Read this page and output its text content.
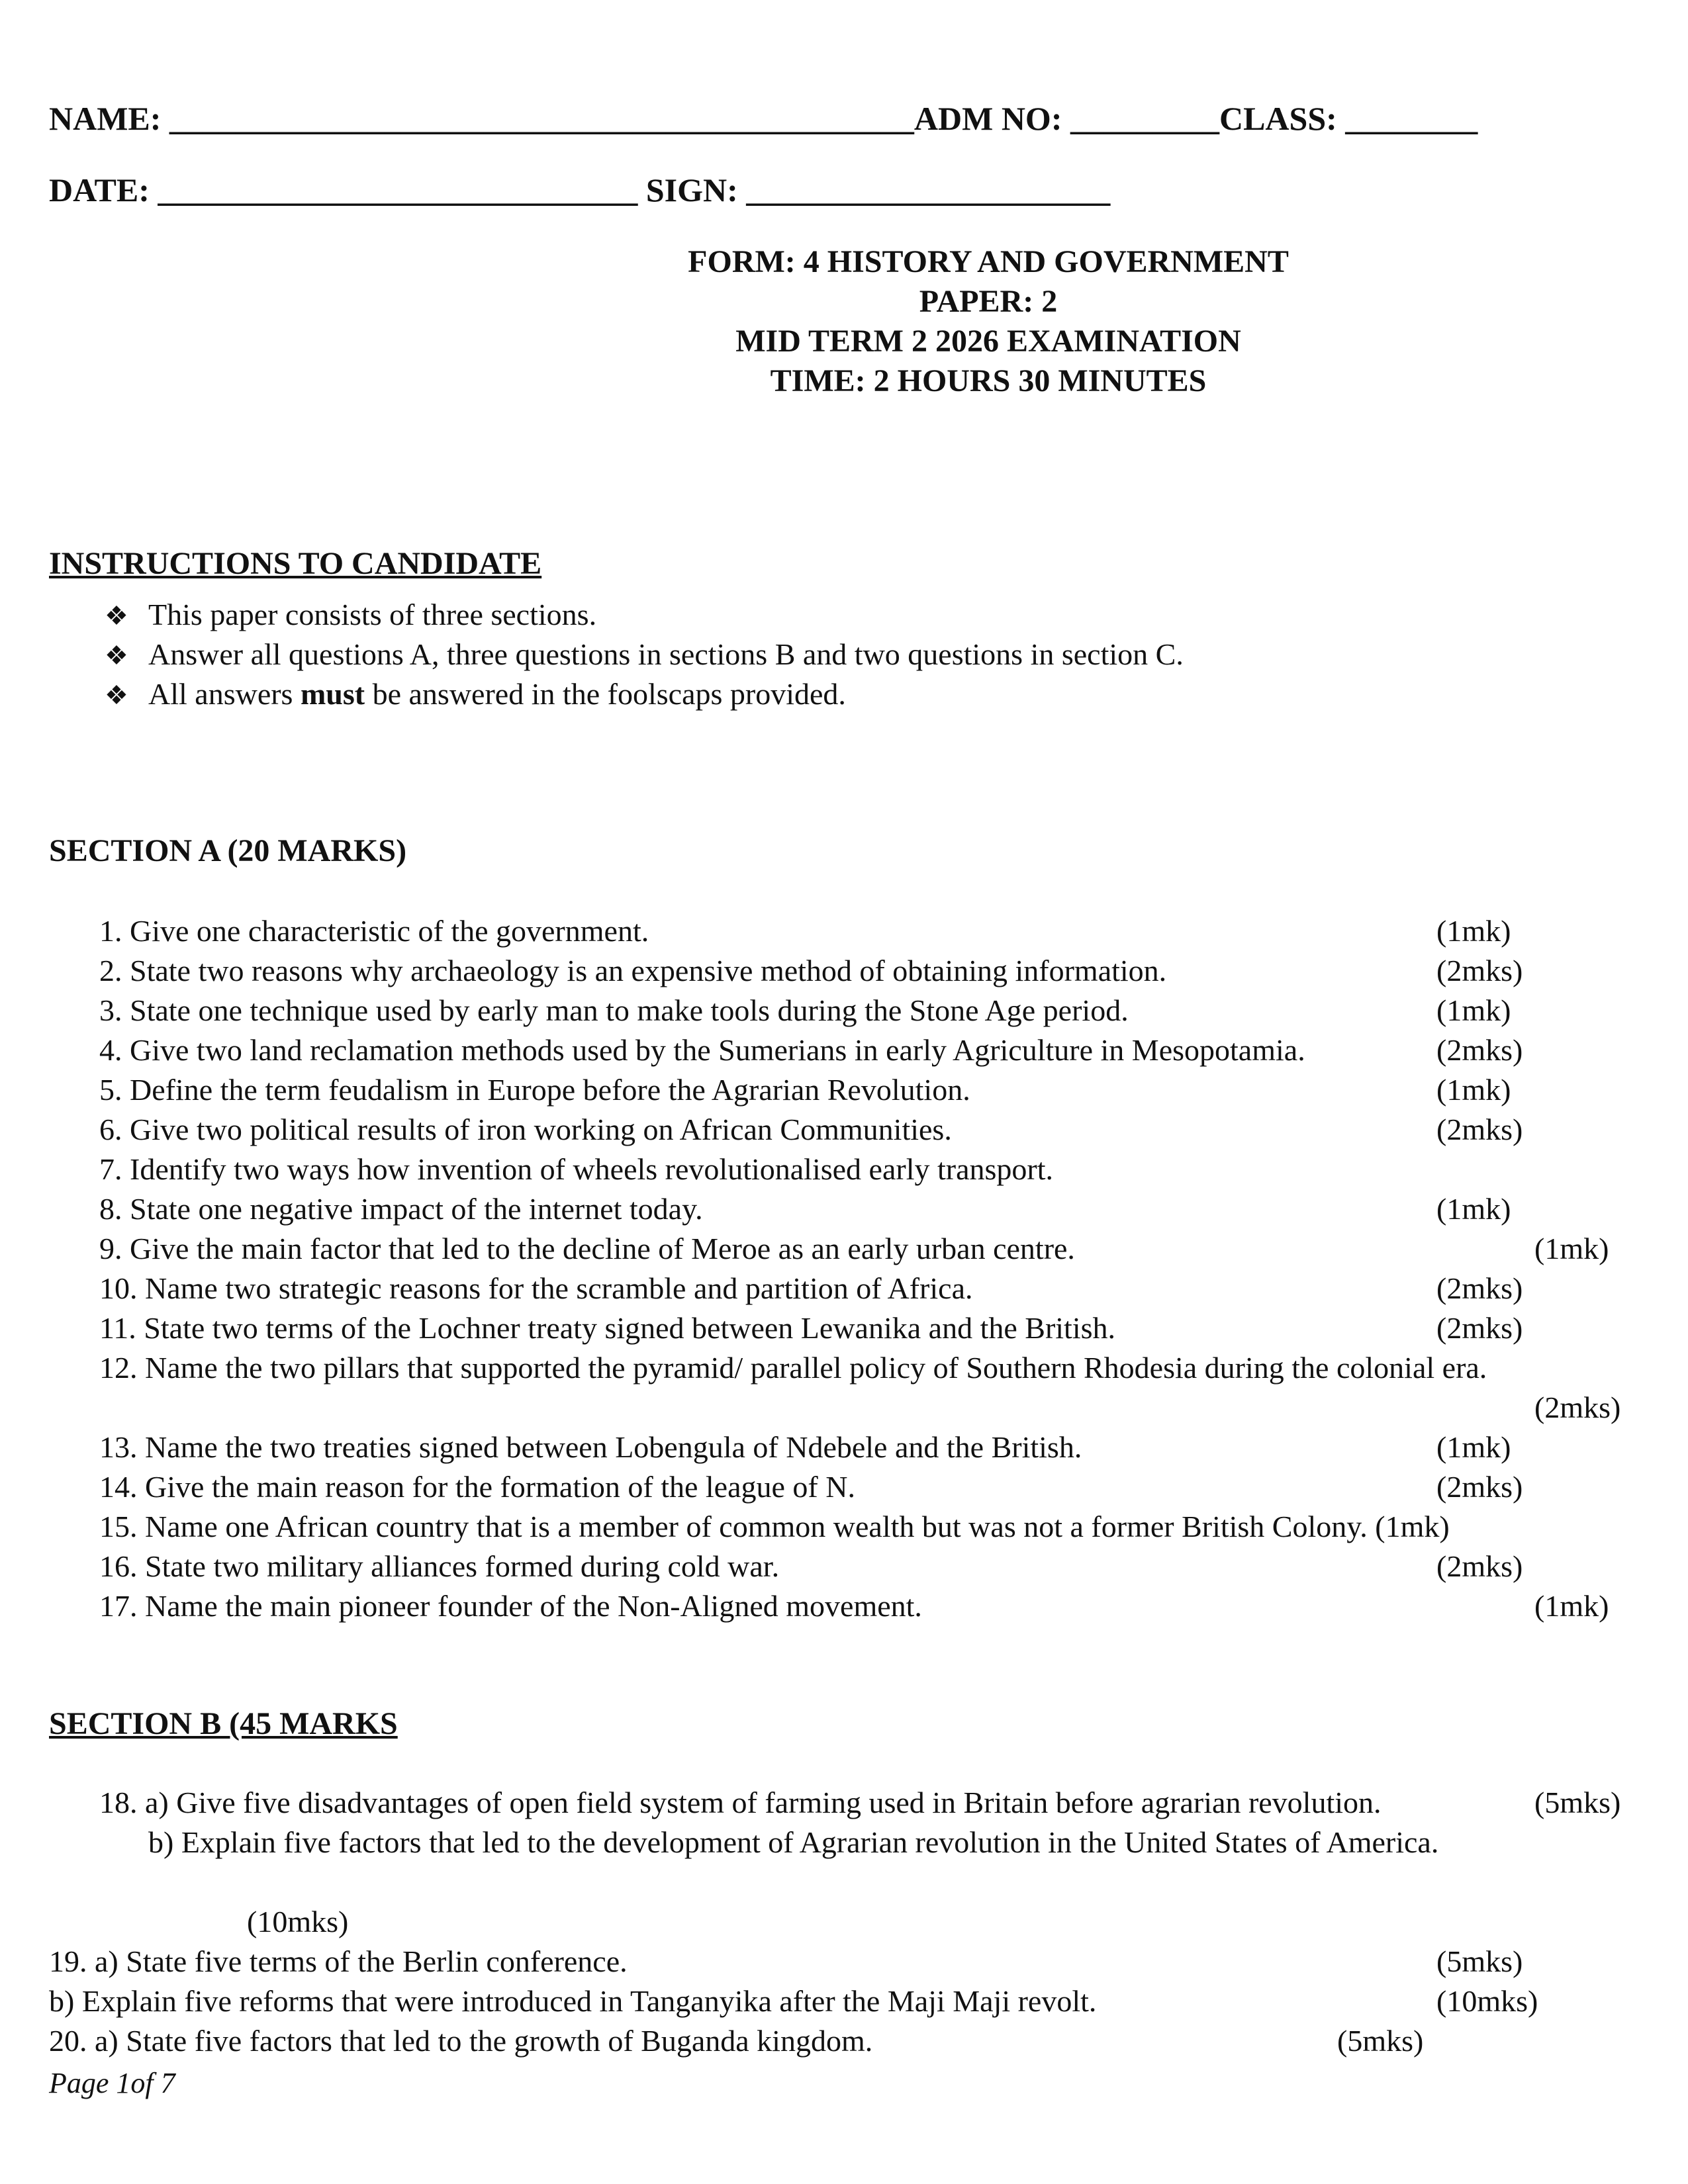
NAME: _____________________________________________ADM NO: _________CLASS: ________
DATE: _____________________________ SIGN: ______________________
FORM: 4 HISTORY AND GOVERNMENT
PAPER: 2
MID TERM 2 2026 EXAMINATION
TIME: 2 HOURS 30 MINUTES
INSTRUCTIONS TO CANDIDATE
❖ This paper consists of three sections.
❖ Answer all questions A, three questions in sections B and two questions in section C.
❖ All answers must be answered in the foolscaps provided.
SECTION A (20 MARKS)
1. Give one characteristic of the government.	(1mk)
2. State two reasons why archaeology is an expensive method of obtaining information.	(2mks)
3. State one technique used by early man to make tools during the Stone Age period.	(1mk)
4. Give two land reclamation methods used by the Sumerians in early Agriculture in Mesopotamia.	(2mks)
5. Define the term feudalism in Europe before the Agrarian Revolution.	(1mk)
6. Give two political results of iron working on African Communities.	(2mks)
7. Identify two ways how invention of wheels revolutionalised early transport.
8. State one negative impact of the internet today.	(1mk)
9. Give the main factor that led to the decline of Meroe as an early urban centre.	(1mk)
10. Name two strategic reasons for the scramble and partition of Africa.	(2mks)
11. State two terms of the Lochner treaty signed between Lewanika and the British.	(2mks)
12. Name the two pillars that supported the pyramid/ parallel policy of Southern Rhodesia during the colonial era.
(2mks)
13. Name the two treaties signed between Lobengula of Ndebele and the British.	(1mk)
14. Give the main reason for the formation of the league of N.	(2mks)
15. Name one African country that is a member of common wealth but was not a former British Colony. (1mk)
16. State two military alliances formed during cold war.	(2mks)
17. Name the main pioneer founder of the Non-Aligned movement.	(1mk)
SECTION B (45 MARKS
18. a) Give five disadvantages of open field system of farming used in Britain before agrarian revolution.	(5mks)
b) Explain five factors that led to the development of Agrarian revolution in the United States of America.
(10mks)
19. a) State five terms of the Berlin conference.	(5mks)
b) Explain five reforms that were introduced in Tanganyika after the Maji Maji revolt.	(10mks)
20. a) State five factors that led to the growth of Buganda kingdom.	(5mks)
Page 1of 7
